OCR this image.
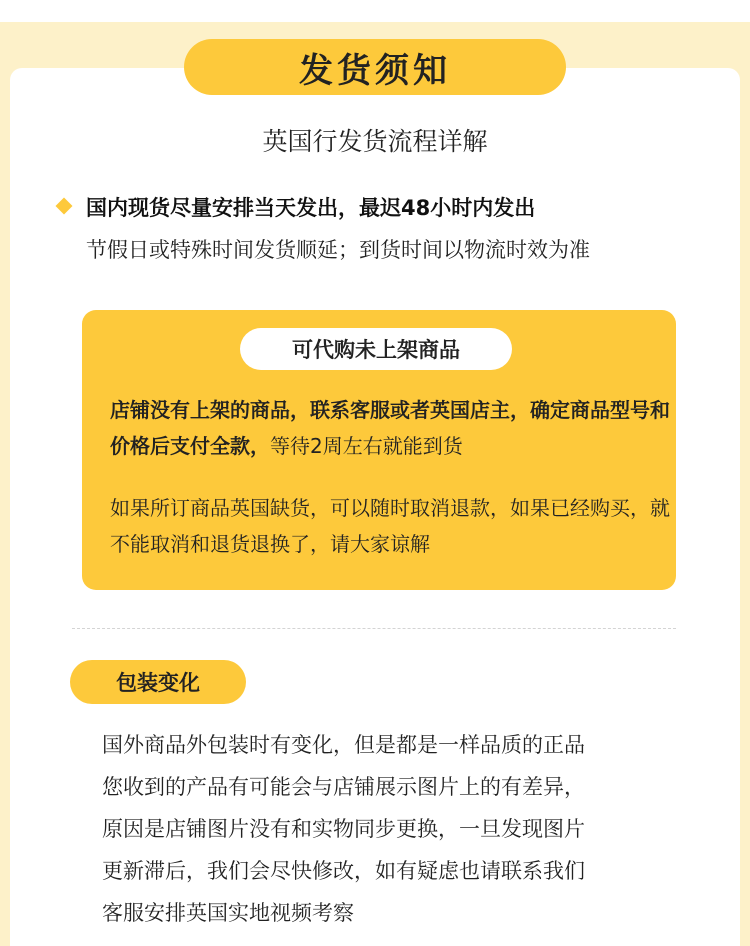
发货须知
英国行发货流程详解
国内现货尽量安排当天发出，最迟48小时内发出
节假日或特殊时间发货顺延；到货时间以物流时效为准
可代购未上架商品
店铺没有上架的商品，联系客服或者英国店主，确定商品型号和价格后支付全款，等待2周左右就能到货
如果所订商品英国缺货，可以随时取消退款，如果已经购买，就不能取消和退货退换了，请大家谅解
包装变化
国外商品外包装时有变化，但是都是一样品质的正品
您收到的产品有可能会与店铺展示图片上的有差异，
原因是店铺图片没有和实物同步更换，一旦发现图片
更新滞后，我们会尽快修改，如有疑虑也请联系我们
客服安排英国实地视频考察
